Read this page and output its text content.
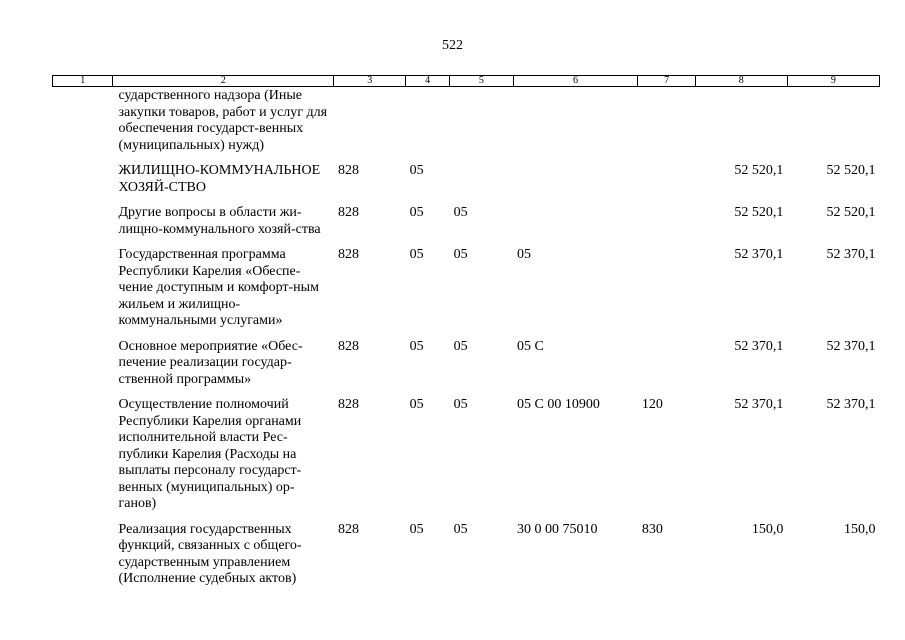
522
1	2	3	4	5	6	7	8	9
сударственного надзора (Иные закупки товаров, работ и услуг для обеспечения государст-венных (муниципальных) нужд)								
ЖИЛИЩНО-КОММУНАЛЬНОЕ ХОЗЯЙ-СТВО		828	05				52 520,1	52 520,1
Другие вопросы в области жи-лищно-коммунального хозяй-ства		828	05	05			52 520,1	52 520,1
Государственная программа Республики Карелия «Обеспе-чение доступным и комфорт-ным жильем и жилищно-коммунальными услугами»		828	05	05	05		52 370,1	52 370,1
Основное мероприятие «Обес-печение реализации государ-ственной программы»		828	05	05	05 С		52 370,1	52 370,1
Осуществление полномочий Республики Карелия органами исполнительной власти Рес-публики Карелия (Расходы на выплаты персоналу государст-венных (муниципальных) ор-ганов)		828	05	05	05 С 00 10900	120	52 370,1	52 370,1
Реализация государственных функций, связанных с общего-сударственным управлением (Исполнение судебных актов)		828	05	05	30 0 00 75010	830	150,0	150,0
